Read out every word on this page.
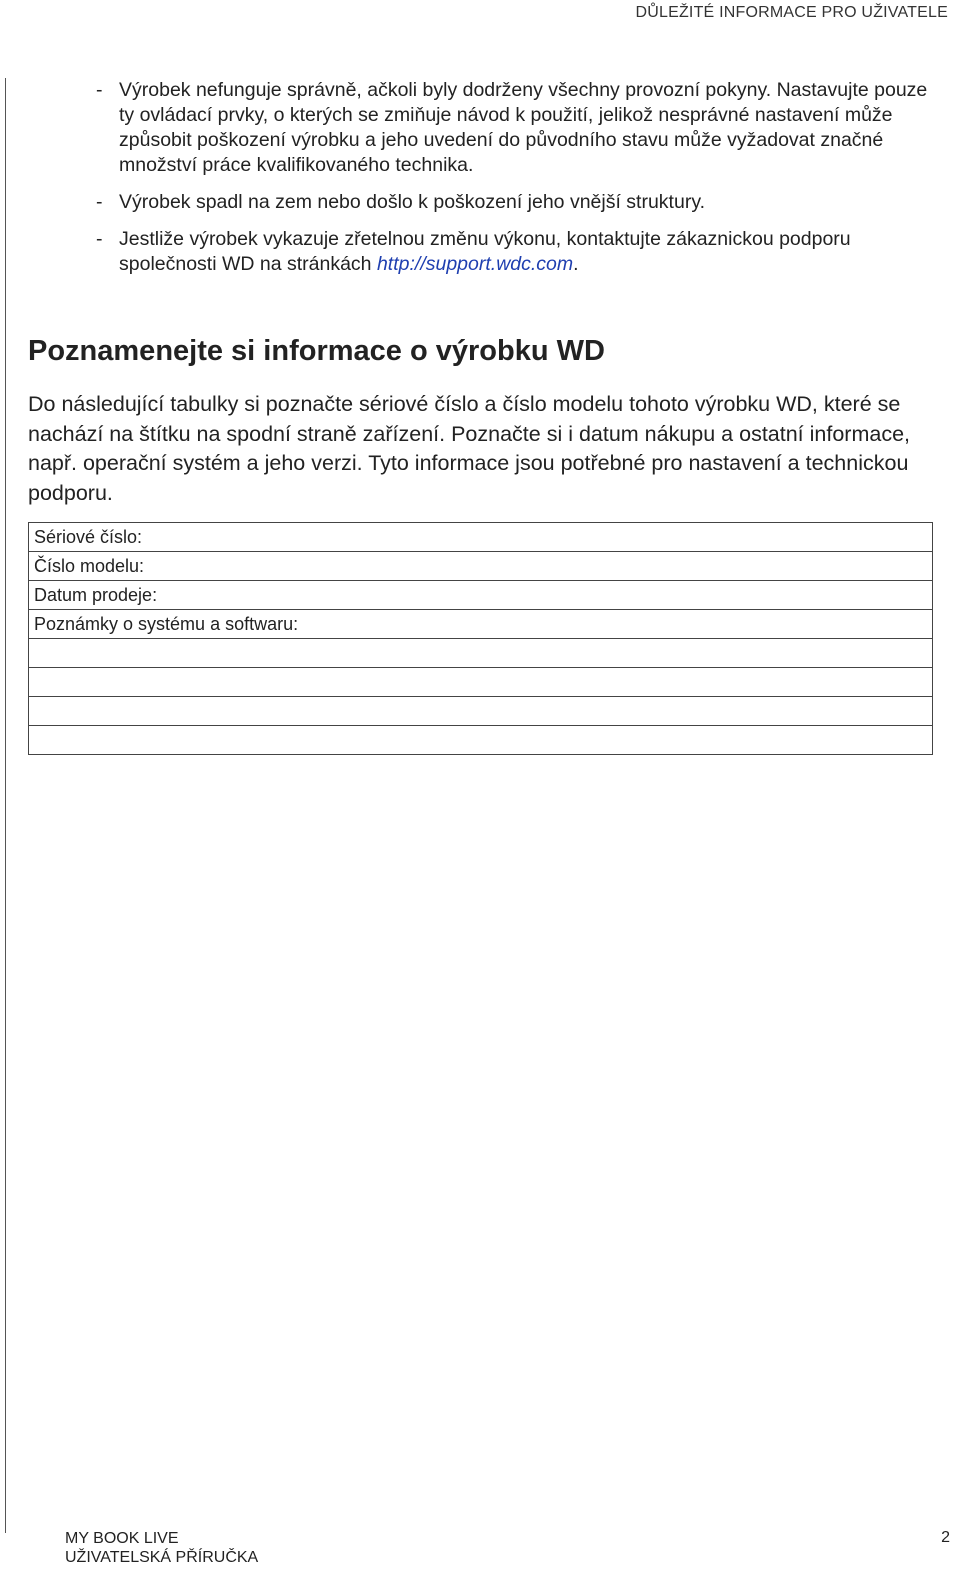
DŮLEŽITÉ INFORMACE PRO UŽIVATELE
- Výrobek nefunguje správně, ačkoli byly dodrženy všechny provozní pokyny. Nastavujte pouze ty ovládací prvky, o kterých se zmiňuje návod k použití, jelikož nesprávné nastavení může způsobit poškození výrobku a jeho uvedení do původního stavu může vyžadovat značné množství práce kvalifikovaného technika.
- Výrobek spadl na zem nebo došlo k poškození jeho vnější struktury.
- Jestliže výrobek vykazuje zřetelnou změnu výkonu, kontaktujte zákaznickou podporu společnosti WD na stránkách http://support.wdc.com.
Poznamenejte si informace o výrobku WD

Do následující tabulky si poznačte sériové číslo a číslo modelu tohoto výrobku WD, které se nachází na štítku na spodní straně zařízení. Poznačte si i datum nákupu a ostatní informace, např. operační systém a jeho verzi. Tyto informace jsou potřebné pro nastavení a technickou podporu.

Sériové číslo:
Číslo modelu:
Datum prodeje:
Poznámky o systému a softwaru:

MY BOOK LIVE
UŽIVATELSKÁ PŘÍRUČKA
2
